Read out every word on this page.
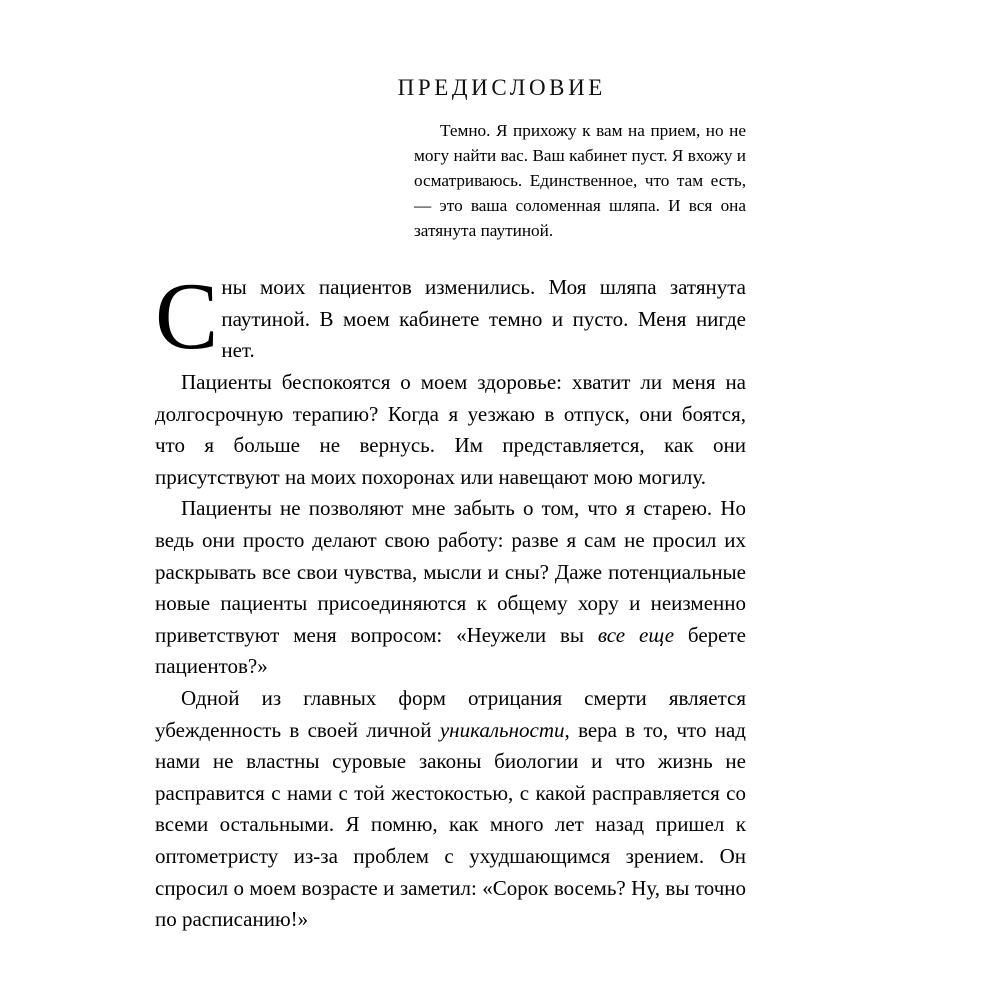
ПРЕДИСЛОВИЕ
Темно. Я прихожу к вам на прием, но не могу найти вас. Ваш кабинет пуст. Я вхожу и осматриваюсь. Единственное, что там есть, — это ваша соломенная шляпа. И вся она затянута паутиной.

Сны моих пациентов изменились. Моя шляпа затянута паутиной. В моем кабинете темно и пусто. Меня нигде нет.

Пациенты беспокоятся о моем здоровье: хватит ли меня на долгосрочную терапию? Когда я уезжаю в отпуск, они боятся, что я больше не вернусь. Им представляется, как они присутствуют на моих похоронах или навещают мою могилу.

Пациенты не позволяют мне забыть о том, что я старею. Но ведь они просто делают свою работу: разве я сам не просил их раскрывать все свои чувства, мысли и сны? Даже потенциальные новые пациенты присоединяются к общему хору и неизменно приветствуют меня вопросом: «Неужели вы все еще берете пациентов?»

Одной из главных форм отрицания смерти является убежденность в своей личной уникальности, вера в то, что над нами не властны суровые законы биологии и что жизнь не расправится с нами с той жестокостью, с какой расправляется со всеми остальными. Я помню, как много лет назад пришел к оптометристу из-за проблем с ухудшающимся зрением. Он спросил о моем возрасте и заметил: «Сорок восемь? Ну, вы точно по расписанию!»
